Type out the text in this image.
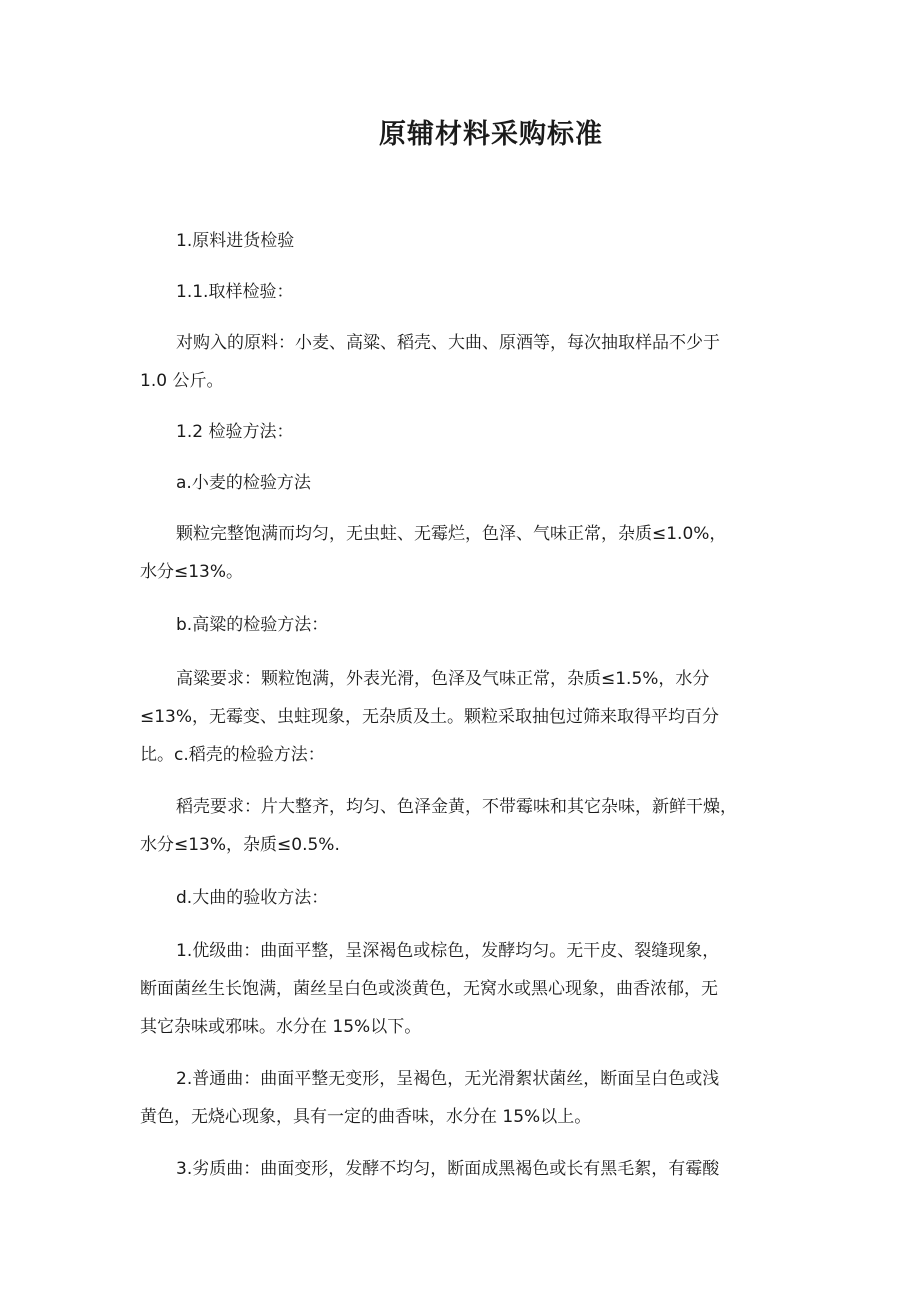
原辅材料采购标准

1.原料进货检验

1.1.取样检验：

对购入的原料：小麦、高粱、稻壳、大曲、原酒等，每次抽取样品不少于

1.0 公斤。

1.2 检验方法：

a.小麦的检验方法

颗粒完整饱满而均匀，无虫蛀、无霉烂，色泽、气味正常，杂质≤1.0%，

水分≤13%。

b.高粱的检验方法：

高粱要求：颗粒饱满，外表光滑，色泽及气味正常，杂质≤1.5%，水分

≤13%，无霉变、虫蛀现象，无杂质及土。颗粒采取抽包过筛来取得平均百分

比。c.稻壳的检验方法：

稻壳要求：片大整齐，均匀、色泽金黄，不带霉味和其它杂味，新鲜干燥，

水分≤13%，杂质≤0.5%.

d.大曲的验收方法：

1.优级曲：曲面平整，呈深褐色或棕色，发酵均匀。无干皮、裂缝现象，

断面菌丝生长饱满，菌丝呈白色或淡黄色，无窝水或黑心现象，曲香浓郁，无

其它杂味或邪味。水分在 15%以下。

2.普通曲：曲面平整无变形，呈褐色，无光滑絮状菌丝，断面呈白色或浅

黄色，无烧心现象，具有一定的曲香味，水分在 15%以上。

3.劣质曲：曲面变形，发酵不均匀，断面成黑褐色或长有黑毛絮，有霉酸
